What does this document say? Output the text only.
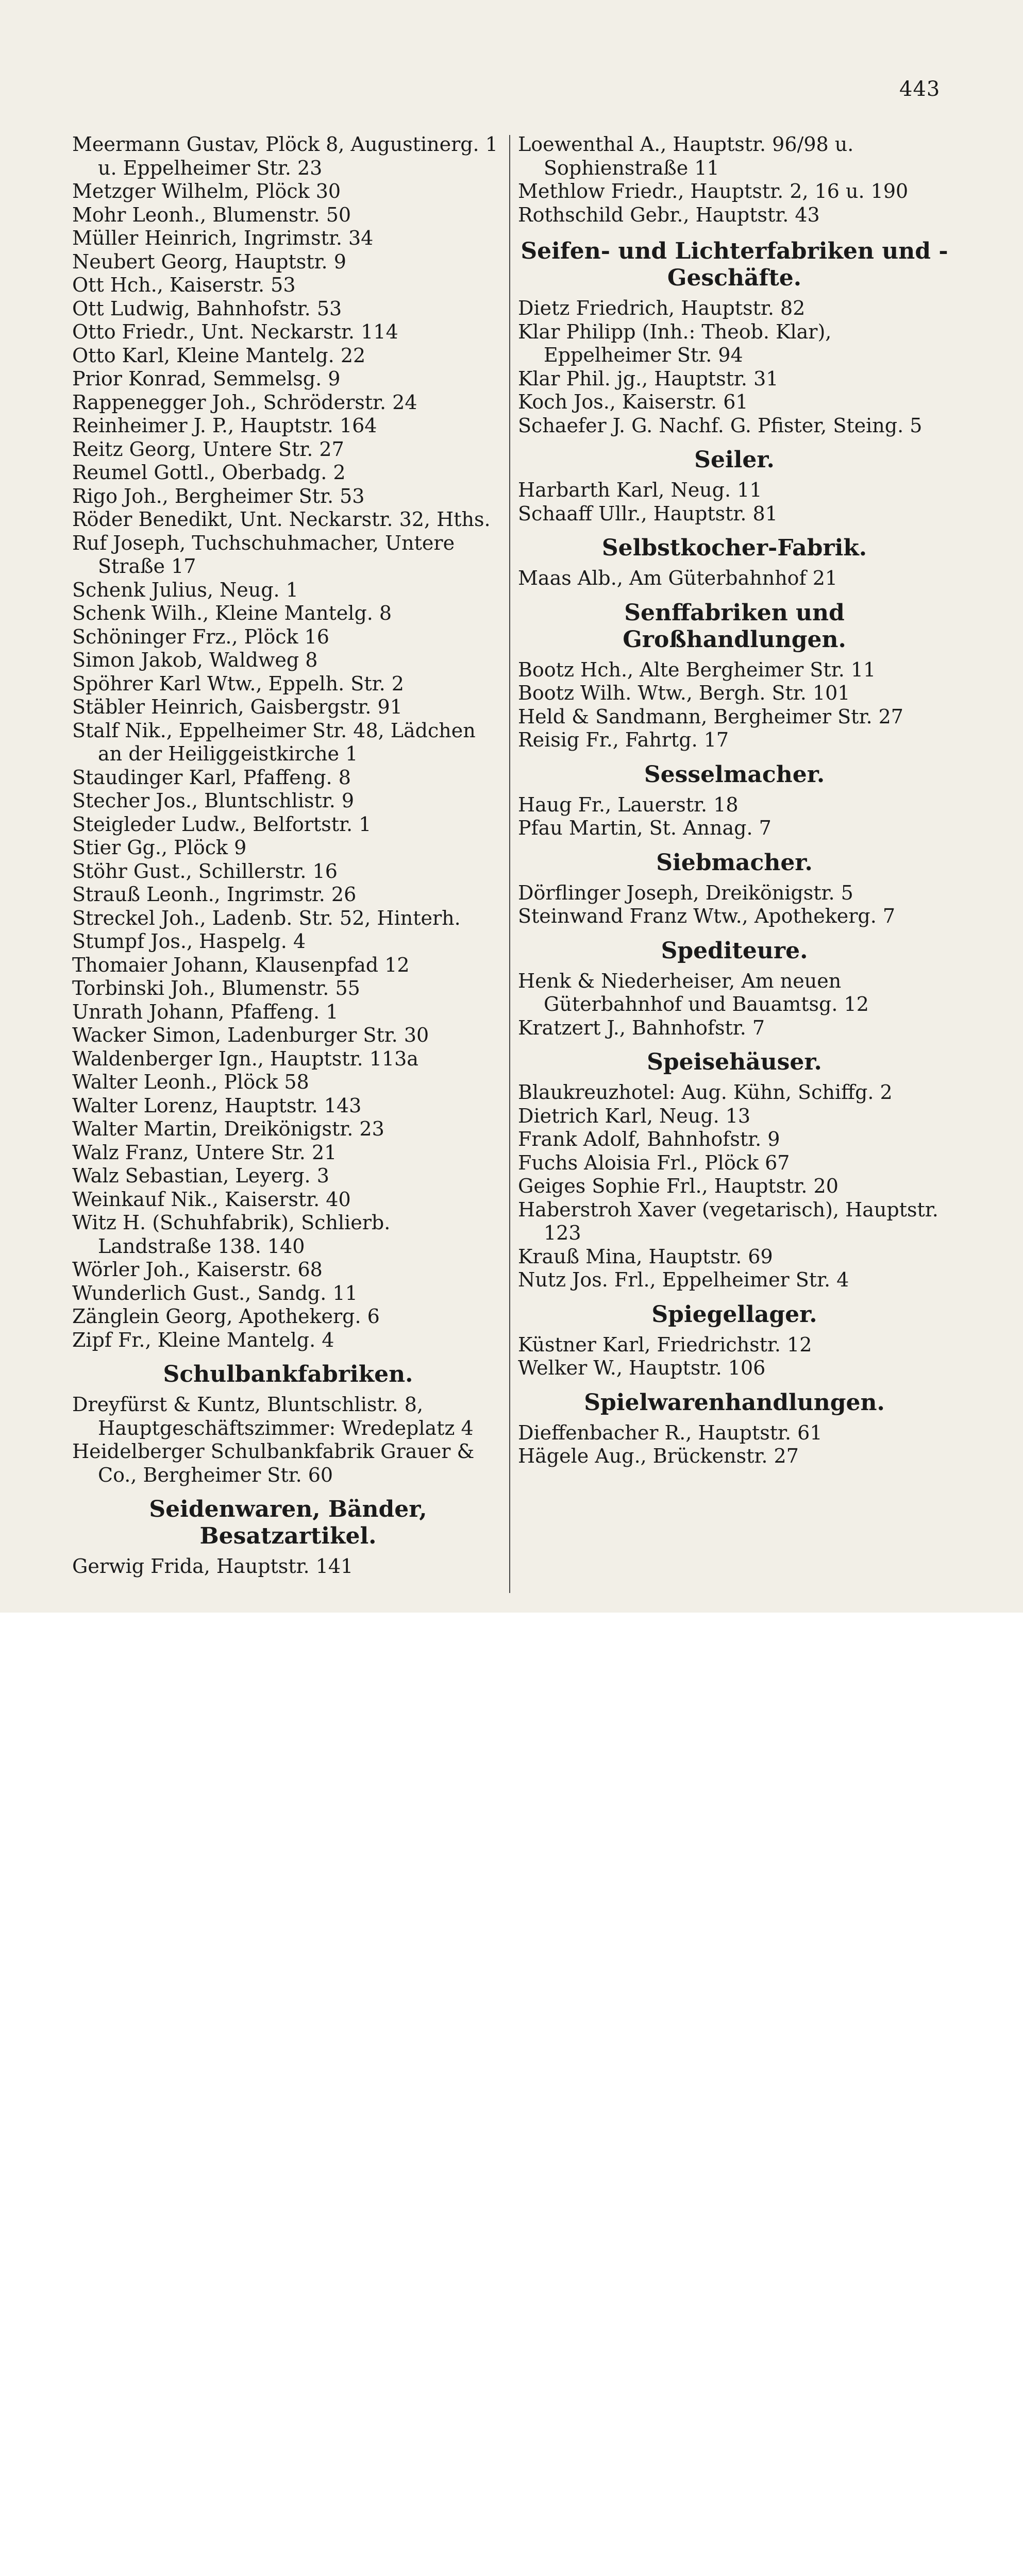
443
Meermann Gustav, Plöck 8, Augustinerg. 1 u. Eppelheimer Str. 23
Metzger Wilhelm, Plöck 30
Mohr Leonh., Blumenstr. 50
Müller Heinrich, Ingrimstr. 34
Neubert Georg, Hauptstr. 9
Ott Hch., Kaiserstr. 53
Ott Ludwig, Bahnhofstr. 53
Otto Friedr., Unt. Neckarstr. 114
Otto Karl, Kleine Mantelg. 22
Prior Konrad, Semmelsg. 9
Rappenegger Joh., Schröderstr. 24
Reinheimer J. P., Hauptstr. 164
Reitz Georg, Untere Str. 27
Reumel Gottl., Oberbadg. 2
Rigo Joh., Bergheimer Str. 53
Röder Benedikt, Unt. Neckarstr. 32, Hths.
Ruf Joseph, Tuchschuhmacher, Untere Straße 17
Schenk Julius, Neug. 1
Schenk Wilh., Kleine Mantelg. 8
Schöninger Frz., Plöck 16
Simon Jakob, Waldweg 8
Spöhrer Karl Wtw., Eppelh. Str. 2
Stäbler Heinrich, Gaisbergstr. 91
Stalf Nik., Eppelheimer Str. 48, Lädchen an der Heiliggeistkirche 1
Staudinger Karl, Pfaffeng. 8
Stecher Jos., Bluntschlistr. 9
Steigleder Ludw., Belfortstr. 1
Stier Gg., Plöck 9
Stöhr Gust., Schillerstr. 16
Strauß Leonh., Ingrimstr. 26
Streckel Joh., Ladenb. Str. 52, Hinterh.
Stumpf Jos., Haspelg. 4
Thomaier Johann, Klausenpfad 12
Torbinski Joh., Blumenstr. 55
Unrath Johann, Pfaffeng. 1
Wacker Simon, Ladenburger Str. 30
Waldenberger Ign., Hauptstr. 113a
Walter Leonh., Plöck 58
Walter Lorenz, Hauptstr. 143
Walter Martin, Dreikönigstr. 23
Walz Franz, Untere Str. 21
Walz Sebastian, Leyerg. 3
Weinkauf Nik., Kaiserstr. 40
Witz H. (Schuhfabrik), Schlierb. Landstraße 138. 140
Wörler Joh., Kaiserstr. 68
Wunderlich Gust., Sandg. 11
Zänglein Georg, Apothekerg. 6
Zipf Fr., Kleine Mantelg. 4
Schulbankfabriken.
Dreyfürst & Kuntz, Bluntschlistr. 8, Hauptgeschäftszimmer: Wredeplatz 4
Heidelberger Schulbankfabrik Grauer & Co., Bergheimer Str. 60
Seidenwaren, Bänder, Besatzartikel.
Gerwig Frida, Hauptstr. 141
Loewenthal A., Hauptstr. 96/98 u. Sophienstraße 11
Methlow Friedr., Hauptstr. 2, 16 u. 190
Rothschild Gebr., Hauptstr. 43
Seifen- und Lichterfabriken und -Geschäfte.
Dietz Friedrich, Hauptstr. 82
Klar Philipp (Inh.: Theob. Klar), Eppelheimer Str. 94
Klar Phil. jg., Hauptstr. 31
Koch Jos., Kaiserstr. 61
Schaefer J. G. Nachf. G. Pfister, Steing. 5
Seiler.
Harbarth Karl, Neug. 11
Schaaff Ullr., Hauptstr. 81
Selbstkocher-Fabrik.
Maas Alb., Am Güterbahnhof 21
Senffabriken und Großhandlungen.
Bootz Hch., Alte Bergheimer Str. 11
Bootz Wilh. Wtw., Bergh. Str. 101
Held & Sandmann, Bergheimer Str. 27
Reisig Fr., Fahrtg. 17
Sesselmacher.
Haug Fr., Lauerstr. 18
Pfau Martin, St. Annag. 7
Siebmacher.
Dörflinger Joseph, Dreikönigstr. 5
Steinwand Franz Wtw., Apothekerg. 7
Spediteure.
Henk & Niederheiser, Am neuen Güterbahnhof und Bauamtsg. 12
Kratzert J., Bahnhofstr. 7
Speisehäuser.
Blaukreuzhotel: Aug. Kühn, Schiffg. 2
Dietrich Karl, Neug. 13
Frank Adolf, Bahnhofstr. 9
Fuchs Aloisia Frl., Plöck 67
Geiges Sophie Frl., Hauptstr. 20
Haberstroh Xaver (vegetarisch), Hauptstr. 123
Krauß Mina, Hauptstr. 69
Nutz Jos. Frl., Eppelheimer Str. 4
Spiegellager.
Küstner Karl, Friedrichstr. 12
Welker W., Hauptstr. 106
Spielwarenhandlungen.
Dieffenbacher R., Hauptstr. 61
Hägele Aug., Brückenstr. 27
